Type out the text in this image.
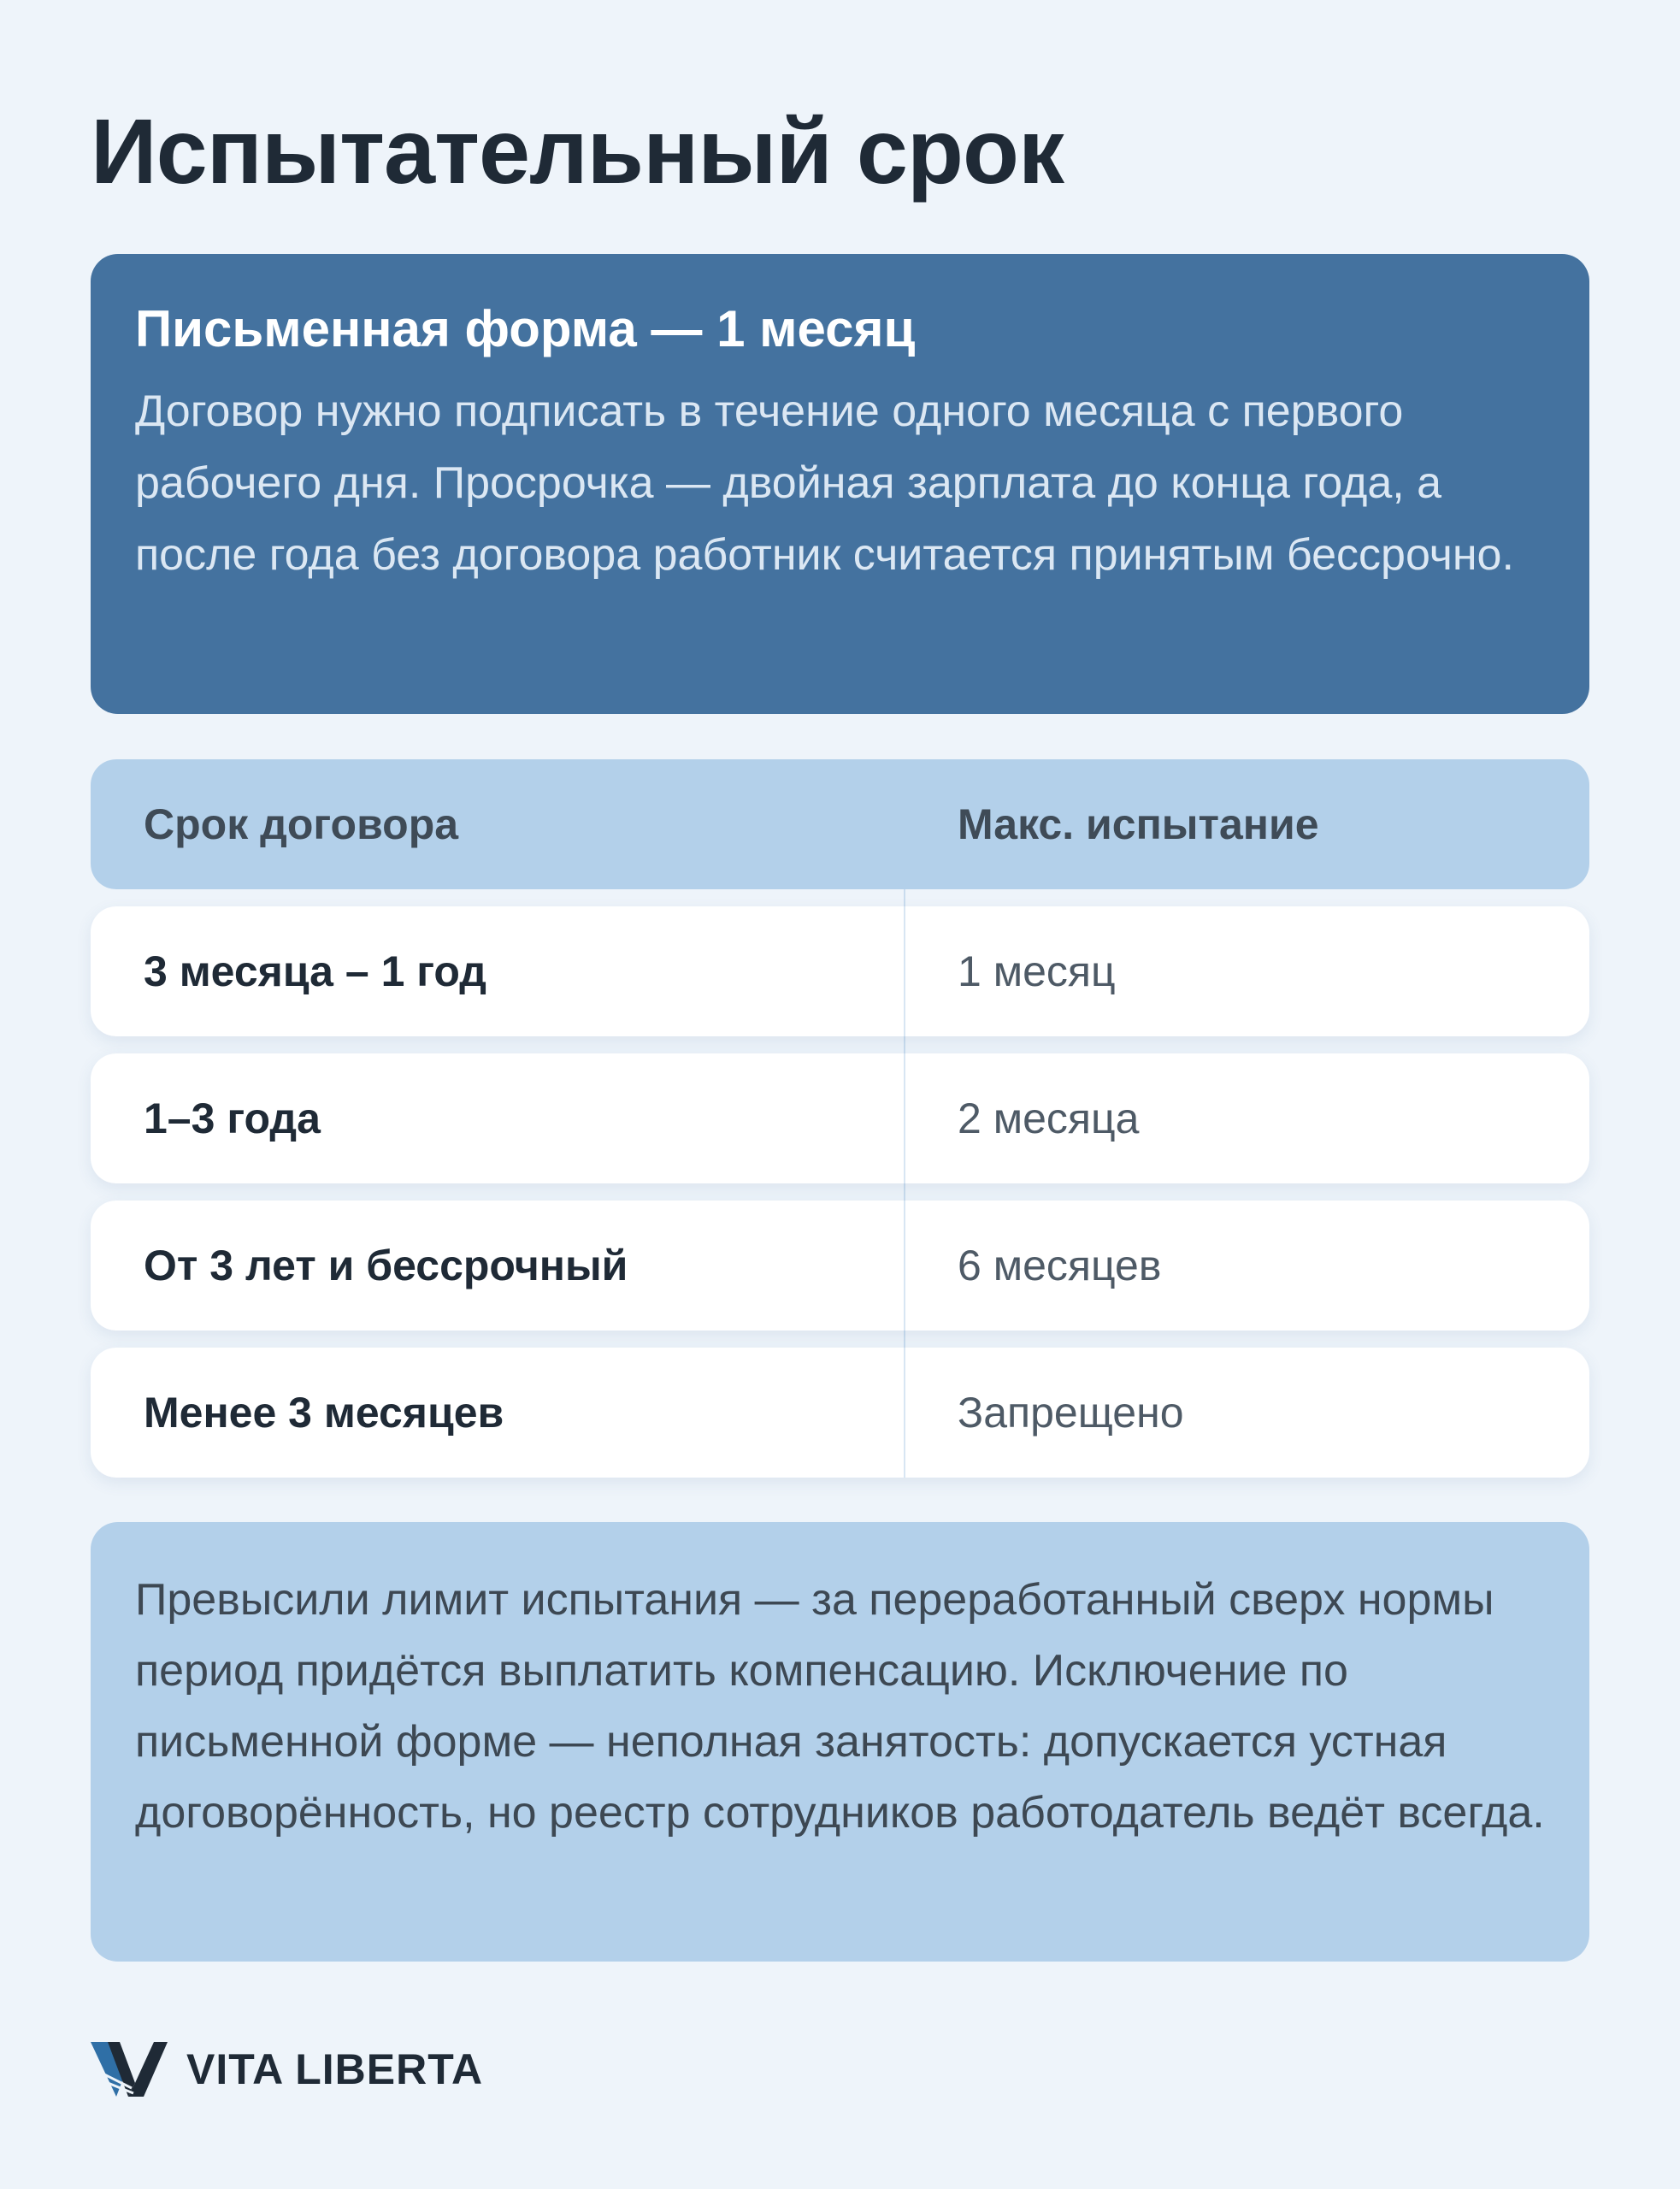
Испытательный срок
Письменная форма — 1 месяц

Договор нужно подписать в течение одного месяца с первого рабочего дня. Просрочка — двойная зарплата до конца года, а после года без договора работник считается принятым бессрочно.

Срок договора	Макс. испытание
3 месяца – 1 год	1 месяц
1–3 года	2 месяца
От 3 лет и бессрочный	6 месяцев
Менее 3 месяцев	Запрещено

Превысили лимит испытания — за переработанный сверх нормы период придётся выплатить компенсацию. Исключение по письменной форме — неполная занятость: допускается устная договорённость, но реестр сотрудников работодатель ведёт всегда.

VITA LIBERTA
